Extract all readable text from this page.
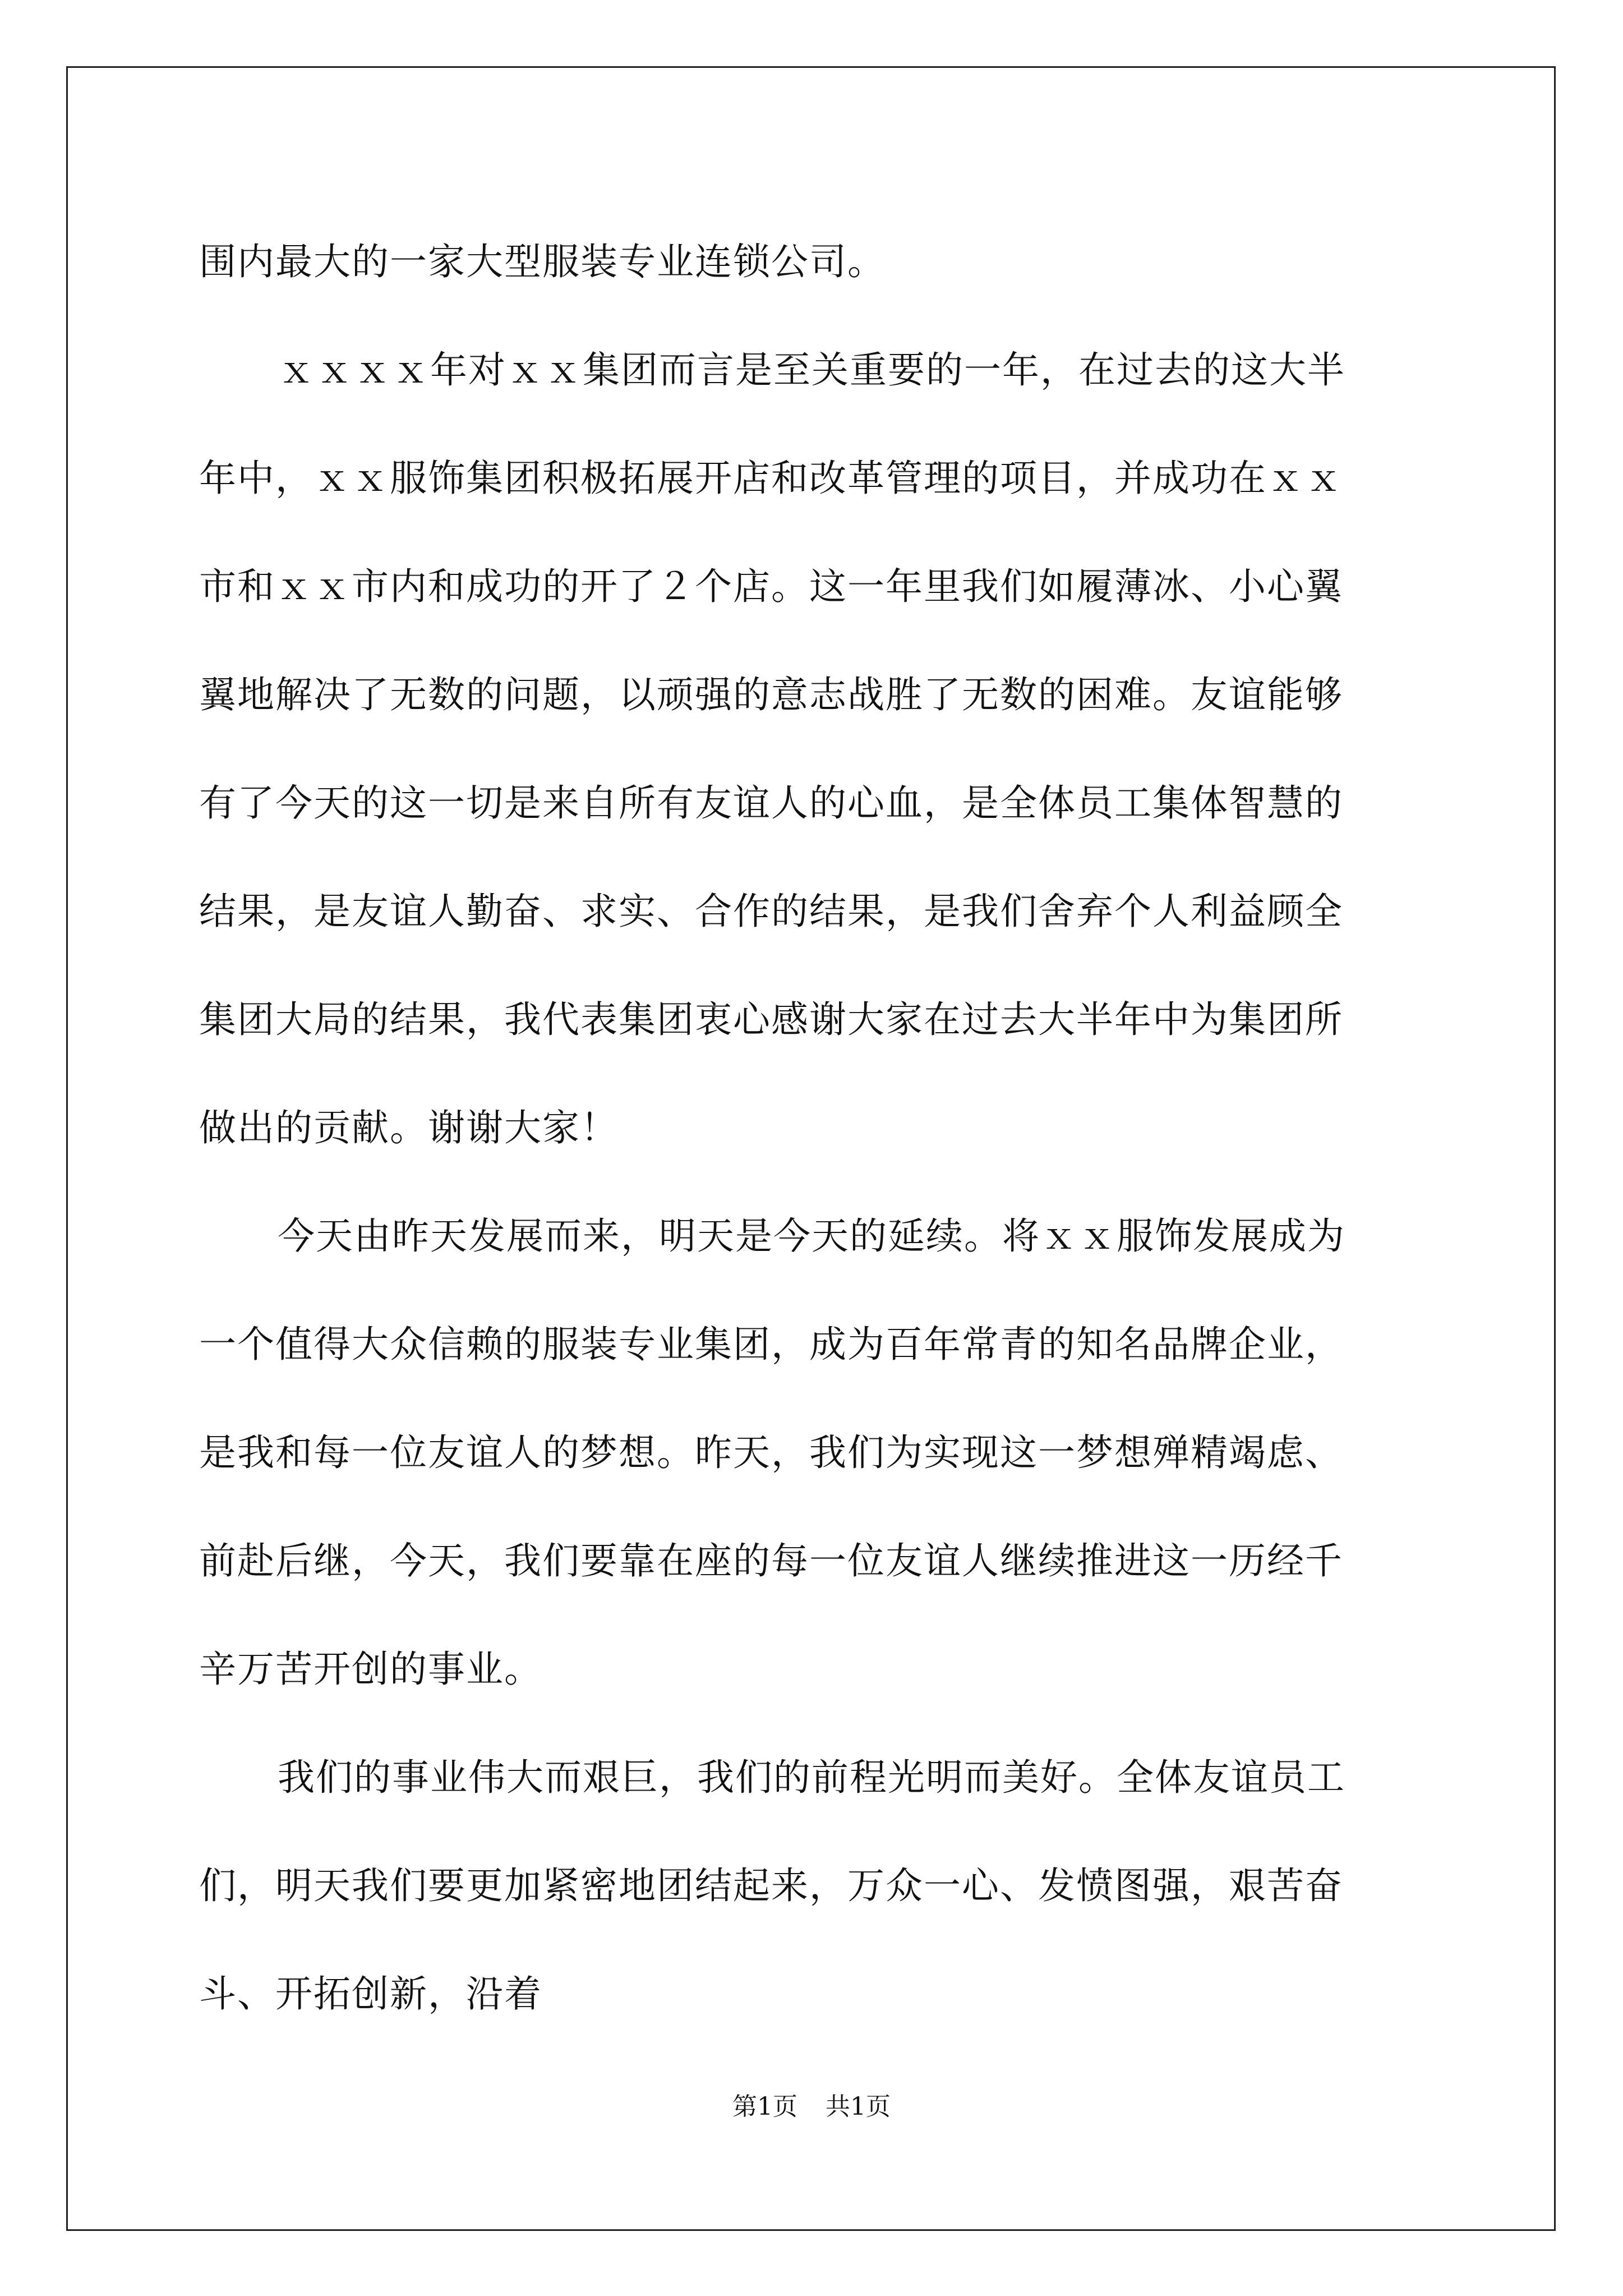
围内最大的一家大型服装专业连锁公司。
ｘｘｘｘ年对ｘｘ集团而言是至关重要的一年，在过去的这大半
年中，ｘｘ服饰集团积极拓展开店和改革管理的项目，并成功在ｘｘ
市和ｘｘ市内和成功的开了２个店。这一年里我们如履薄冰、小心翼
翼地解决了无数的问题，以顽强的意志战胜了无数的困难。友谊能够
有了今天的这一切是来自所有友谊人的心血，是全体员工集体智慧的
结果，是友谊人勤奋、求实、合作的结果，是我们舍弃个人利益顾全
集团大局的结果，我代表集团衷心感谢大家在过去大半年中为集团所
做出的贡献。谢谢大家！
今天由昨天发展而来，明天是今天的延续。将ｘｘ服饰发展成为
一个值得大众信赖的服装专业集团，成为百年常青的知名品牌企业，
是我和每一位友谊人的梦想。昨天，我们为实现这一梦想殚精竭虑、
前赴后继，今天，我们要靠在座的每一位友谊人继续推进这一历经千
辛万苦开创的事业。
我们的事业伟大而艰巨，我们的前程光明而美好。全体友谊员工
们，明天我们要更加紧密地团结起来，万众一心、发愤图强，艰苦奋
斗、开拓创新，沿着
第1页 共1页
